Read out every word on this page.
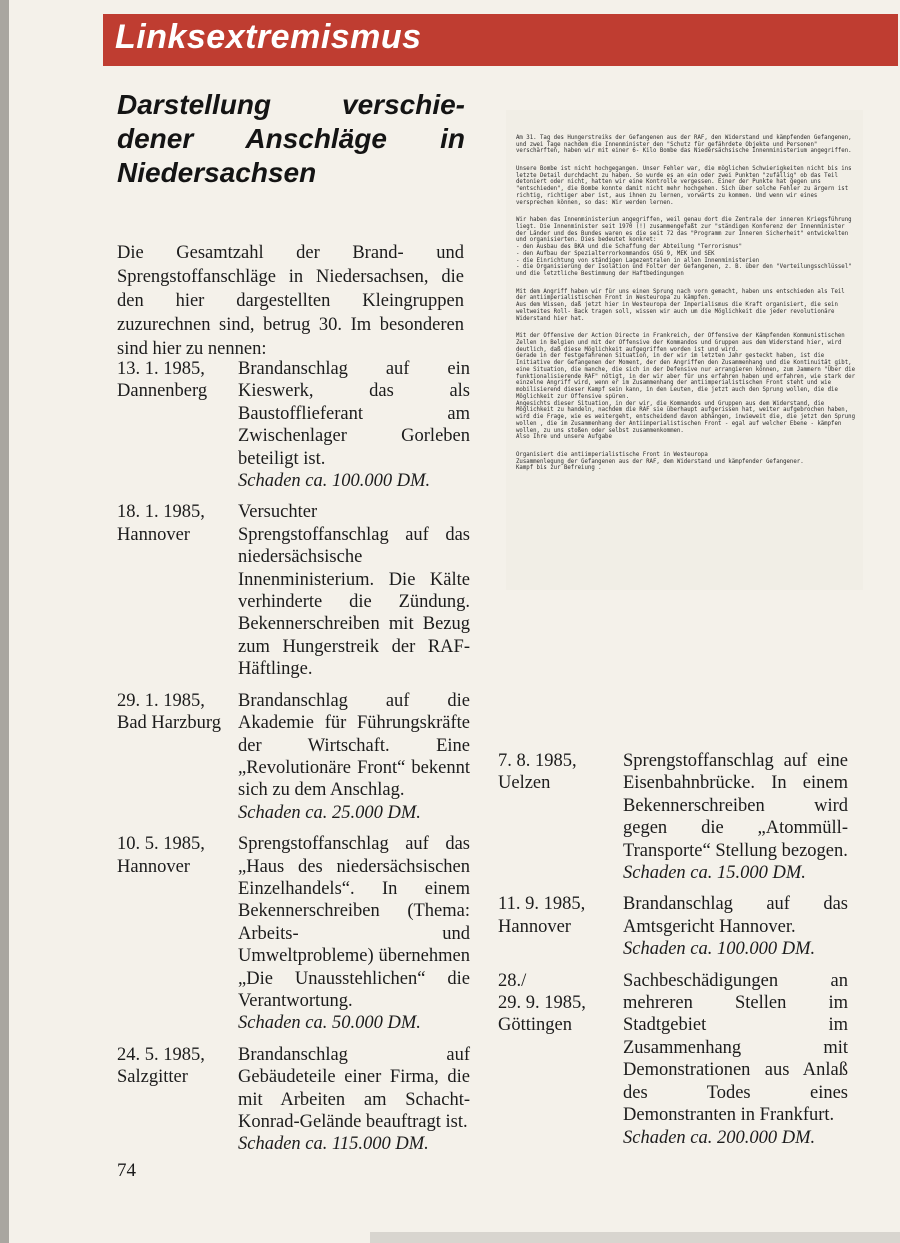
Linksextremismus
Darstellung verschie-dener Anschläge in Niedersachsen
Die Gesamtzahl der Brand- und Sprengstoffanschläge in Niedersachsen, die den hier dargestellten Kleingruppen zuzurechnen sind, betrug 30. Im besonderen sind hier zu nennen:
13. 1. 1985,
Dannenberg
Brandanschlag auf ein Kieswerk, das als Baustofflieferant am Zwischenlager Gorleben beteiligt ist.
Schaden ca. 100.000 DM.
18. 1. 1985,
Hannover
Versuchter Sprengstoffanschlag auf das niedersächsische Innenministerium. Die Kälte verhinderte die Zündung. Bekennerschreiben mit Bezug zum Hungerstreik der RAF-Häftlinge.
29. 1. 1985,
Bad Harzburg
Brandanschlag auf die Akademie für Führungskräfte der Wirtschaft. Eine „Revolutionäre Front“ bekennt sich zu dem Anschlag.
Schaden ca. 25.000 DM.
10. 5. 1985,
Hannover
Sprengstoffanschlag auf das „Haus des niedersächsischen Einzelhandels“. In einem Bekennerschreiben (Thema: Arbeits- und Umweltprobleme) übernehmen „Die Unausstehlichen“ die Verantwortung.
Schaden ca. 50.000 DM.
24. 5. 1985,
Salzgitter
Brandanschlag auf Gebäudeteile einer Firma, die mit Arbeiten am Schacht-Konrad-Gelände beauftragt ist.
Schaden ca. 115.000 DM.

Am 31. Tag des Hungerstreiks der Gefangenen aus der RAF, den Widerstand und kämpfenden Gefangenen, und zwei Tage nachdem die Innenminister den "Schutz für gefährdete Objekte und Personen" verschärften, haben wir mit einer 6- Kilo Bombe das Niedersächsische Innenministerium angegriffen.

Unsere Bombe ist nicht hochgegangen. Unser Fehler war, die möglichen Schwierigkeiten nicht bis ins letzte Detail durchdacht zu haben. So wurde es an ein oder zwei Punkten "zufällig" ob das Teil detoniert oder nicht, hatten wir eine Kontrolle vergessen. Einer der Punkte hat gegen uns "entschieden", die Bombe konnte damit nicht mehr hochgehen. Sich über solche Fehler zu ärgern ist richtig, richtiger aber ist, aus ihnen zu lernen, vorwärts zu kommen. Und wenn wir eines versprechen können, so das: Wir werden lernen.

Wir haben das Innenministerium angegriffen, weil genau dort die Zentrale der inneren Kriegsführung liegt. Die Innenminister seit 1970 (!) zusammengefaßt zur "ständigen Konferenz der Innenminister der Länder und des Bundes waren es die seit 72 das "Programm zur Inneren Sicherheit" entwickelten und organisierten. Dies bedeutet konkret:
- den Ausbau des BKA und die Schaffung der Abteilung "Terrorismus"
- den Aufbau der Spezialterrorkommandos GSG 9, MEK und SEK
- die Einrichtung von ständigen Lagezentralen in allen Innenministerien
- die Organisierung der Isolation und Folter der Gefangenen, z. B. über den "Verteilungsschlüssel" und die letztliche Bestimmung der Haftbedingungen

Mit dem Angriff haben wir für uns einen Sprung nach vorn gemacht, haben uns entschieden als Teil der antiimperialistischen Front in Westeuropa zu kämpfen.
Aus dem Wissen, daß jetzt hier in Westeuropa der Imperialismus die Kraft organisiert, die sein weltweites Roll- Back tragen soll, wissen wir auch um die Möglichkeit die jeder revolutionäre Widerstand hier hat.

Mit der Offensive der Action Directe in Frankreich, der Offensive der Kämpfenden Kommunistischen Zellen in Belgien und mit der Offensive der Kommandos und Gruppen aus dem Widerstand hier, wird deutlich, daß diese Möglichkeit aufgegriffen worden ist und wird.
Gerade in der festgefahrenen Situation, in der wir im letzten Jahr gesteckt haben, ist die Initiative der Gefangenen der Moment, der den Angriffen den Zusammenhang und die Kontinuität gibt, eine Situation, die manche, die sich in der Defensive nur arrangieren können, zum Jammern "Über die funktionalisierende RAF" nötigt, in der wir aber für uns erfahren haben und erfahren, wie stark der einzelne Angriff wird, wenn er im Zusammenhang der antiimperialistischen Front steht und wie mobilisierend dieser Kampf sein kann, in den Leuten, die jetzt auch den Sprung wollen, die die Möglichkeit zur Offensive spüren.
Angesichts dieser Situation, in der wir, die Kommandos und Gruppen aus dem Widerstand, die Möglichkeit zu handeln, nachdem die RAF sie überhaupt aufgerissen hat, weiter aufgebrochen haben, wird die Frage, wie es weitergeht, entscheidend davon abhängen, inwieweit die, die jetzt den Sprung wollen , die im Zusammenhang der Antiimperialistischen Front - egal auf welcher Ebene - kämpfen wollen, zu uns stoßen oder selbst zusammenkommen.
Also Ihre und unsere Aufgabe

Organisiert die antiimperialistische Front in Westeuropa
Zusammenlegung der Gefangenen aus der RAF, dem Widerstand und kämpfender Gefangener.
Kampf bis zur Befreiung .

7. 8. 1985,
Uelzen
Sprengstoffanschlag auf eine Eisenbahnbrücke. In einem Bekennerschreiben wird gegen die „Atommüll-Transporte“ Stellung bezogen.
Schaden ca. 15.000 DM.
11. 9. 1985,
Hannover
Brandanschlag auf das Amtsgericht Hannover.
Schaden ca. 100.000 DM.
28./
29. 9. 1985,
Göttingen
Sachbeschädigungen an mehreren Stellen im Stadtgebiet im Zusammenhang mit Demonstrationen aus Anlaß des Todes eines Demonstranten in Frankfurt.
Schaden ca. 200.000 DM.
74
